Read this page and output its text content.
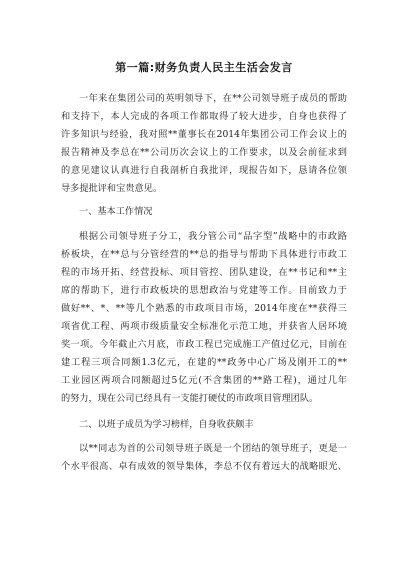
第一篇:财务负责人民主生活会发言
一年来在集团公司的英明领导下，在**公司领导班子成员的帮助
和支持下，本人完成的各项工作都取得了较大进步，自身也获得了
许多知识与经验，我对照**董事长在2014年集团公司工作会议上的
报告精神及李总在**公司历次会议上的工作要求，以及会前征求到
的意见建议认真进行自我剖析自我批评，现报告如下，恳请各位领
导多提批评和宝贵意见。
一、基本工作情况
根据公司领导班子分工，我分管公司“品字型”战略中的市政路
桥板块，在**总与分管经营的**总的指导与帮助下具体进行市政工
程的市场开拓、经营投标、项目管控、团队建设，在**书记和**主
席的帮助下，进行市政板块的思想政治与党建等工作。目前致力于
做好**、*、**等几个熟悉的市政项目市场，2014年度在**获得三
项省优工程、两项市级质量安全标准化示范工地，并获省人居环境
奖一项。今年截止六月底，市政工程已完成施工产值过亿元，目前在
建工程三项合同额1.3亿元，在建的**政务中心广场及刚开工的**
工业园区两项合同额超过5亿元(不含集团的**路工程)，通过几年
的努力，现在公司已经具有一支能打硬仗的市政项目管理团队。
二、以班子成员为学习榜样，自身收获颇丰
以**同志为首的公司领导班子既是一个团结的领导班子，更是一
个水平很高、卓有成效的领导集体，李总不仅有着远大的战略眼光、
